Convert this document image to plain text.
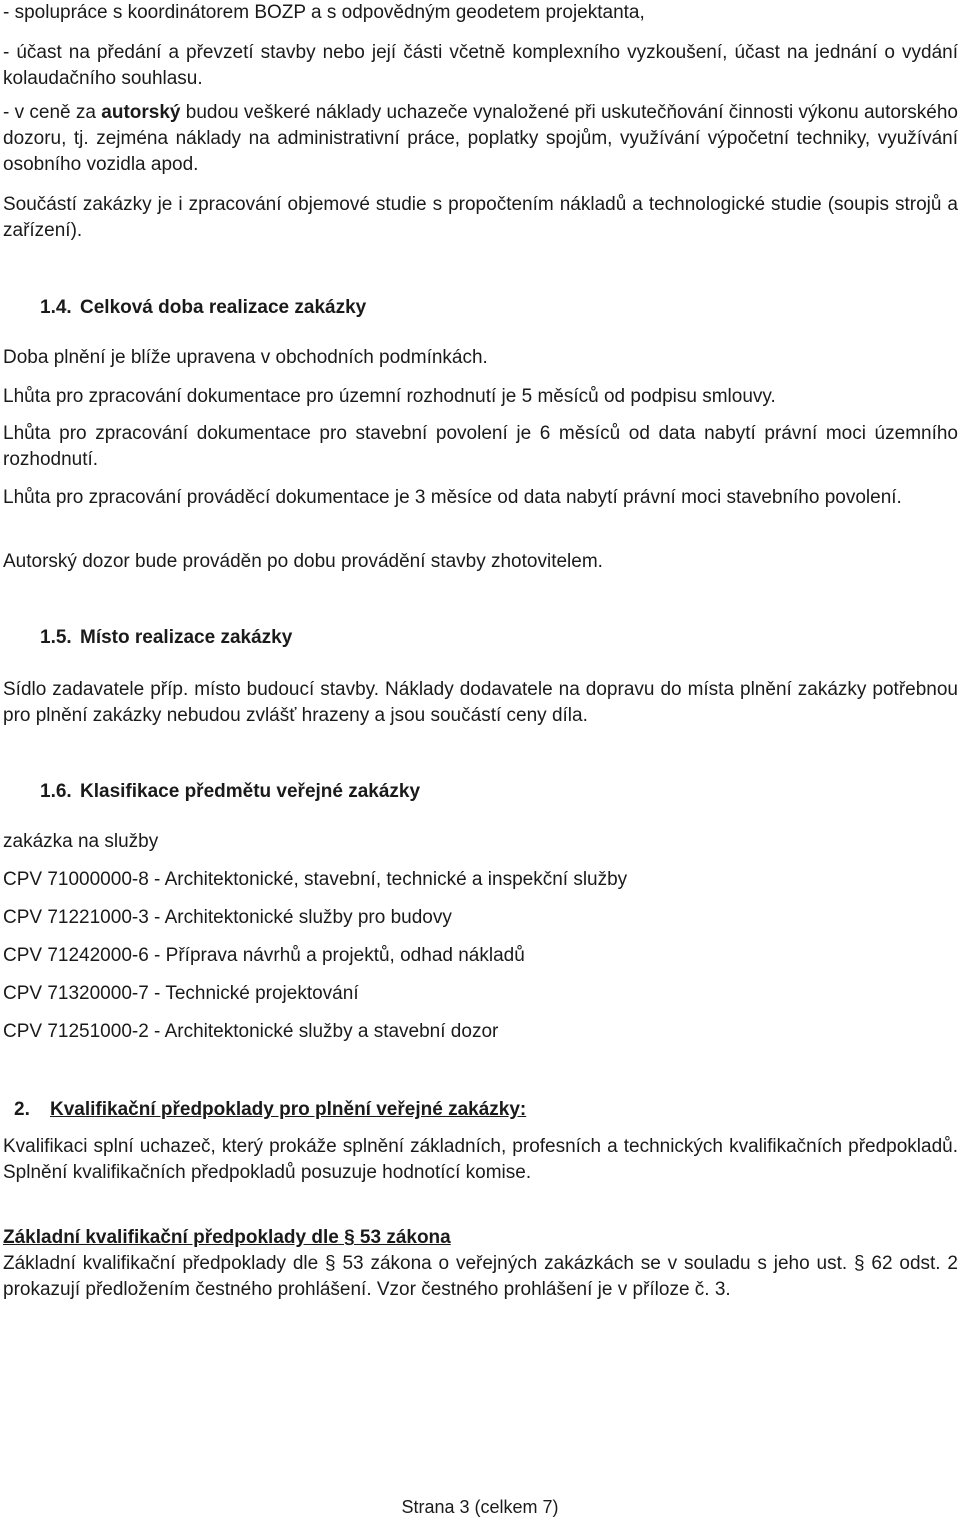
- spolupráce s koordinátorem BOZP a s odpovědným geodetem projektanta,

- účast na předání a převzetí stavby nebo její části včetně komplexního vyzkoušení, účast na jednání o vydání kolaudačního souhlasu.

- v ceně za autorský budou veškeré náklady uchazeče vynaložené při uskutečňování činnosti výkonu autorského dozoru, tj. zejména náklady na administrativní práce, poplatky spojům, využívání výpočetní techniky, využívání osobního vozidla apod.

Součástí zakázky je i zpracování objemové studie s propočtením nákladů a technologické studie (soupis strojů a zařízení).

1.4. Celková doba realizace zakázky

Doba plnění je blíže upravena v obchodních podmínkách.

Lhůta pro zpracování dokumentace pro územní rozhodnutí je 5 měsíců od podpisu smlouvy.

Lhůta pro zpracování dokumentace pro stavební povolení je 6 měsíců od data nabytí právní moci územního rozhodnutí.

Lhůta pro zpracování prováděcí dokumentace je 3 měsíce od data nabytí právní moci stavebního povolení.

Autorský dozor bude prováděn po dobu provádění stavby zhotovitelem.

1.5. Místo realizace zakázky

Sídlo zadavatele příp. místo budoucí stavby. Náklady dodavatele na dopravu do místa plnění zakázky potřebnou pro plnění zakázky nebudou zvlášť hrazeny a jsou součástí ceny díla.

1.6. Klasifikace předmětu veřejné zakázky

zakázka na služby

CPV 71000000-8 - Architektonické, stavební, technické a inspekční služby

CPV 71221000-3 - Architektonické služby pro budovy

CPV 71242000-6 - Příprava návrhů a projektů, odhad nákladů

CPV 71320000-7 - Technické projektování

CPV 71251000-2 - Architektonické služby a stavební dozor

2. Kvalifikační předpoklady pro plnění veřejné zakázky:

Kvalifikaci splní uchazeč, který prokáže splnění základních, profesních a technických kvalifikačních předpokladů. Splnění kvalifikačních předpokladů posuzuje hodnotící komise.

Základní kvalifikační předpoklady dle § 53 zákona

Základní kvalifikační předpoklady dle § 53 zákona o veřejných zakázkách se v souladu s jeho ust. § 62 odst. 2 prokazují předložením čestného prohlášení. Vzor čestného prohlášení je v příloze č. 3.

Strana 3 (celkem 7)
